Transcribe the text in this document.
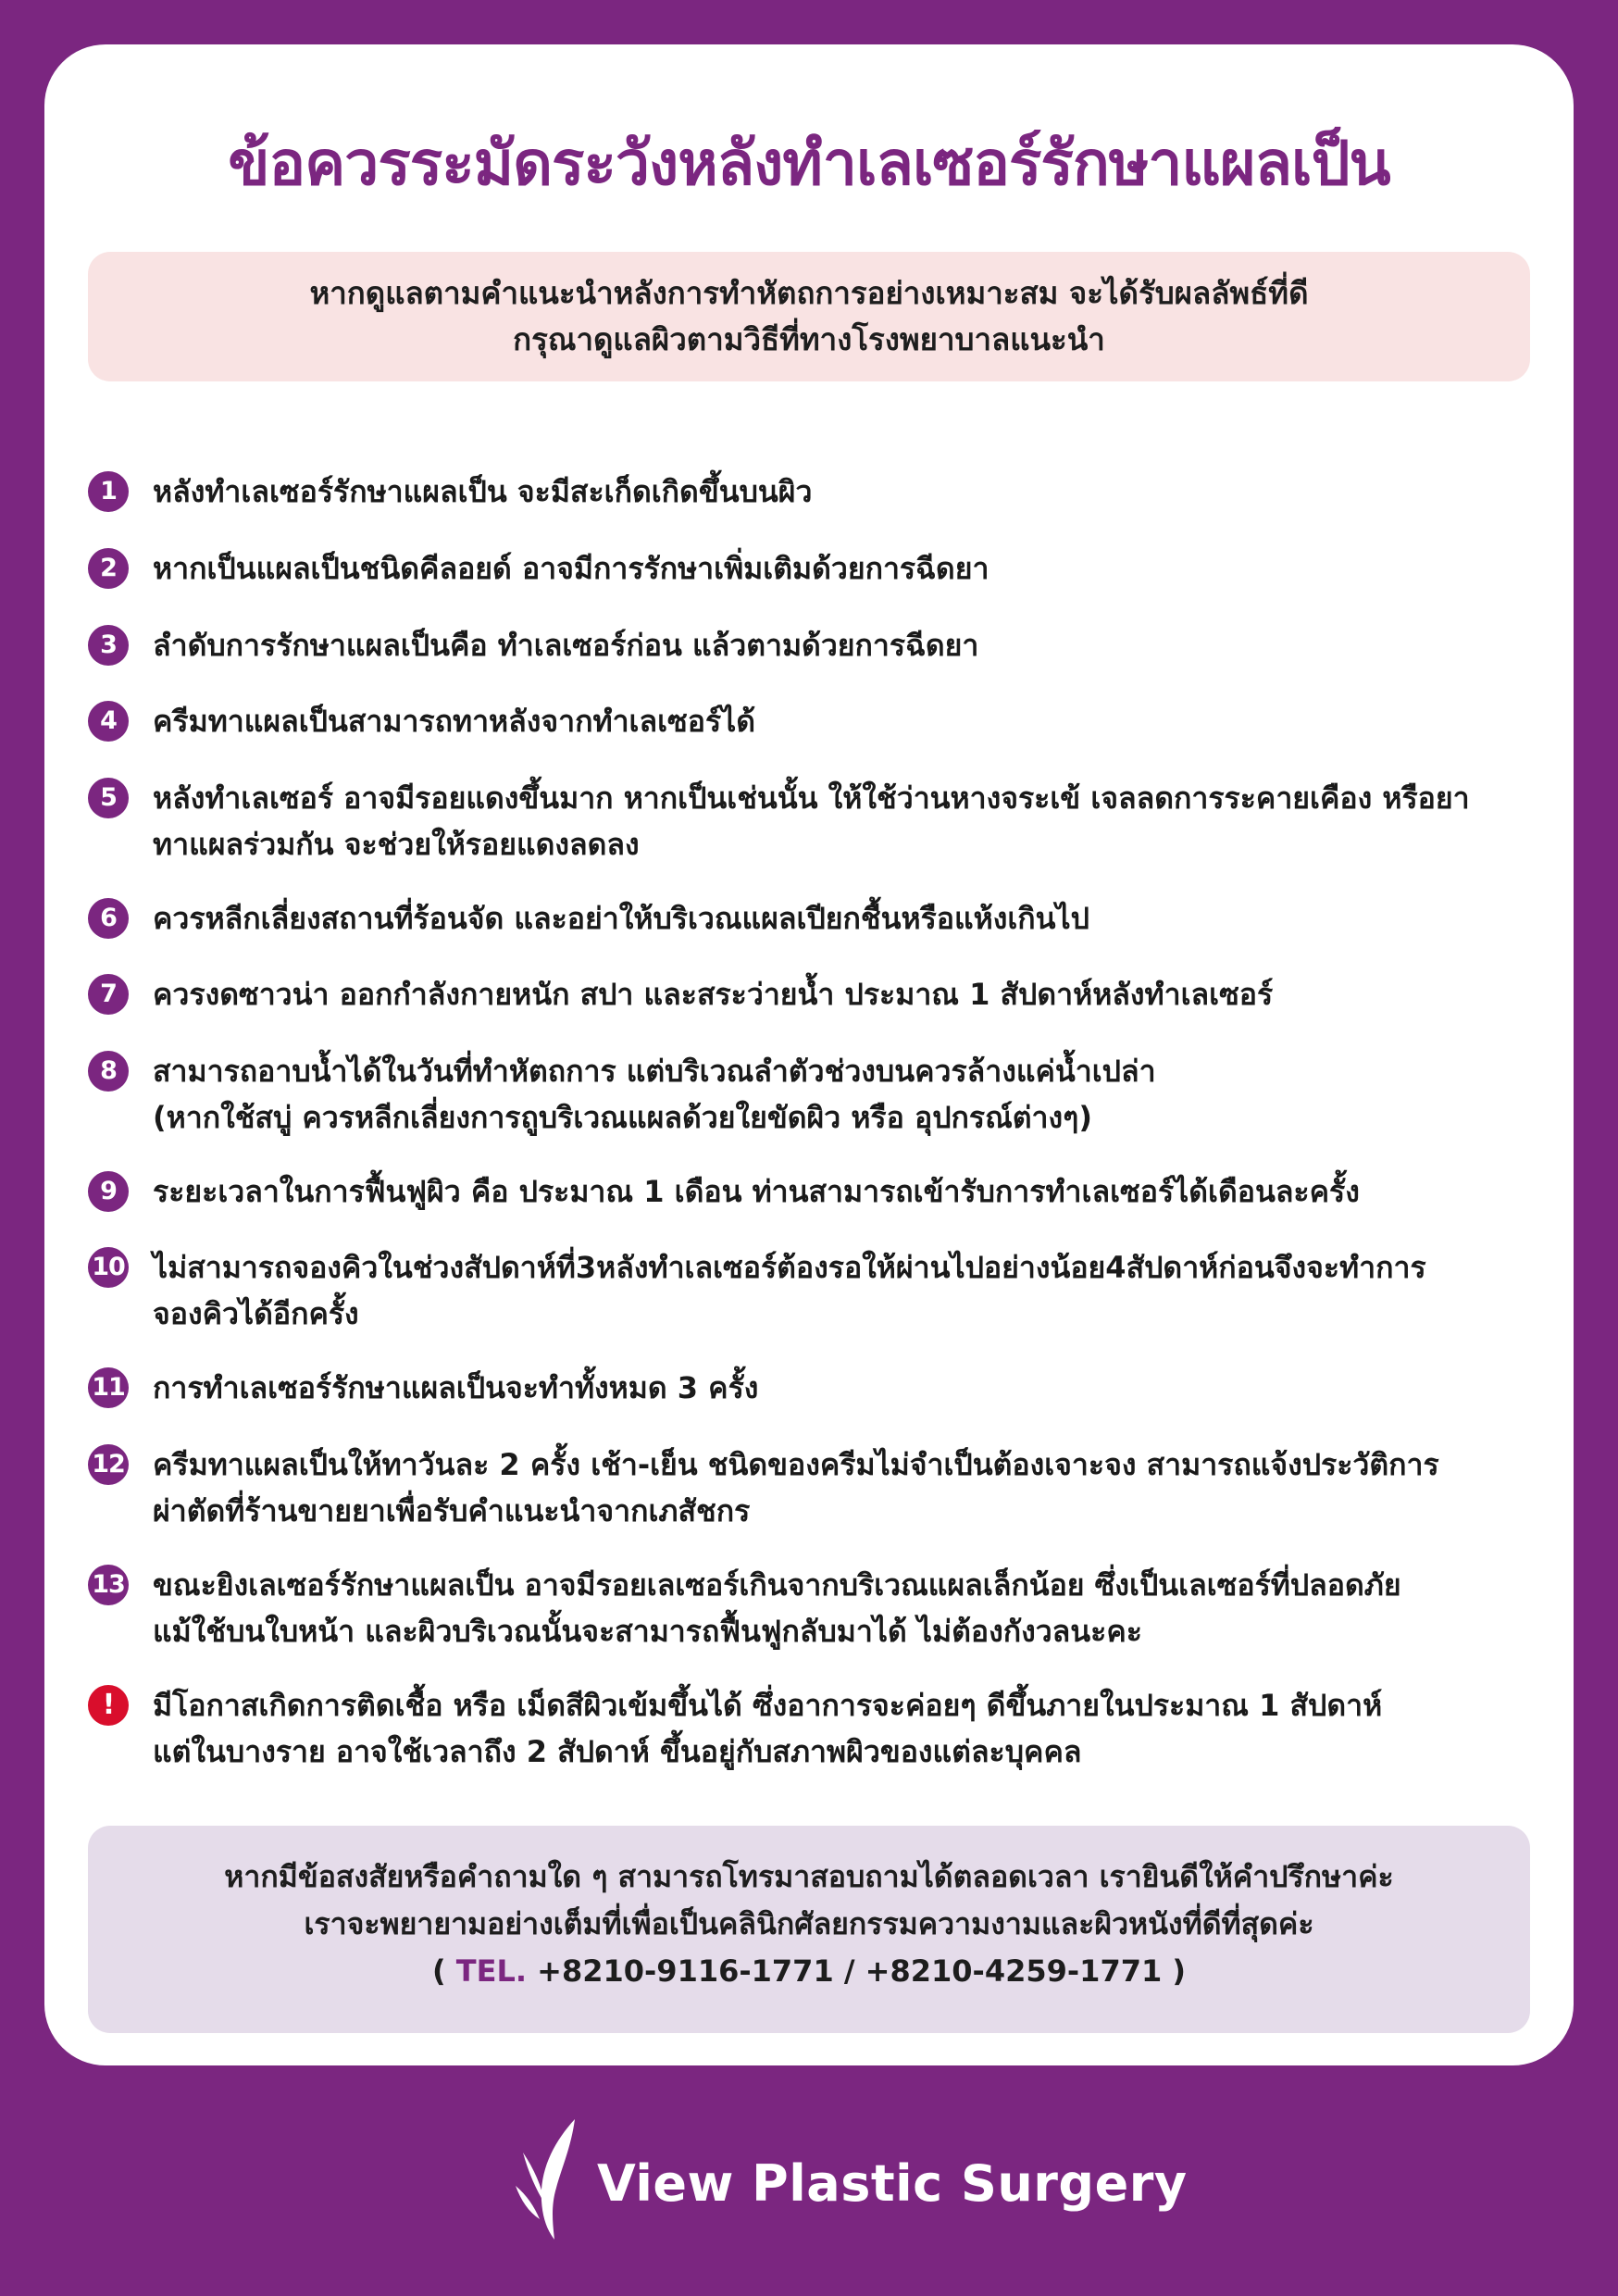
ข้อควรระมัดระวังหลังทำเลเซอร์รักษาแผลเป็น

หากดูแลตามคำแนะนำหลังการทำหัตถการอย่างเหมาะสม จะได้รับผลลัพธ์ที่ดี

กรุณาดูแลผิวตามวิธีที่ทางโรงพยาบาลแนะนำ

1	หลังทำเลเซอร์รักษาแผลเป็น จะมีสะเก็ดเกิดขึ้นบนผิว

2	หากเป็นแผลเป็นชนิดคีลอยด์ อาจมีการรักษาเพิ่มเติมด้วยการฉีดยา

3	ลำดับการรักษาแผลเป็นคือ ทำเลเซอร์ก่อน แล้วตามด้วยการฉีดยา

4	ครีมทาแผลเป็นสามารถทาหลังจากทำเลเซอร์ได้

5	หลังทำเลเซอร์ อาจมีรอยแดงขึ้นมาก หากเป็นเช่นนั้น ให้ใช้ว่านหางจระเข้ เจลลดการระคายเคือง หรือยา
ทาแผลร่วมกัน จะช่วยให้รอยแดงลดลง

6	ควรหลีกเลี่ยงสถานที่ร้อนจัด และอย่าให้บริเวณแผลเปียกชื้นหรือแห้งเกินไป

7	ควรงดซาวน่า ออกกำลังกายหนัก สปา และสระว่ายน้ำ ประมาณ 1 สัปดาห์หลังทำเลเซอร์

8	สามารถอาบน้ำได้ในวันที่ทำหัตถการ แต่บริเวณลำตัวช่วงบนควรล้างแค่น้ำเปล่า
(หากใช้สบู่ ควรหลีกเลี่ยงการถูบริเวณแผลด้วยใยขัดผิว หรือ อุปกรณ์ต่างๆ)

9	ระยะเวลาในการฟื้นฟูผิว คือ ประมาณ 1 เดือน ท่านสามารถเข้ารับการทำเลเซอร์ได้เดือนละครั้ง

10 ไม่สามารถจองคิวในช่วงสัปดาห์ที่3หลังทำเลเซอร์ต้องรอให้ผ่านไปอย่างน้อย4สัปดาห์ก่อนจึงจะทำการ
จองคิวได้อีกครั้ง

11 การทำเลเซอร์รักษาแผลเป็นจะทำทั้งหมด 3 ครั้ง

12 ครีมทาแผลเป็นให้ทาวันละ 2 ครั้ง เช้า-เย็น ชนิดของครีมไม่จำเป็นต้องเจาะจง สามารถแจ้งประวัติการ
ผ่าตัดที่ร้านขายยาเพื่อรับคำแนะนำจากเภสัชกร

13 ขณะยิงเลเซอร์รักษาแผลเป็น อาจมีรอยเลเซอร์เกินจากบริเวณแผลเล็กน้อย ซึ่งเป็นเลเซอร์ที่ปลอดภัย
แม้ใช้บนใบหน้า และผิวบริเวณนั้นจะสามารถฟื้นฟูกลับมาได้ ไม่ต้องกังวลนะคะ

!	มีโอกาสเกิดการติดเชื้อ หรือ เม็ดสีผิวเข้มขึ้นได้ ซึ่งอาการจะค่อยๆ ดีขึ้นภายในประมาณ 1 สัปดาห์
แต่ในบางราย อาจใช้เวลาถึง 2 สัปดาห์ ขึ้นอยู่กับสภาพผิวของแต่ละบุคคล

หากมีข้อสงสัยหรือคำถามใด ๆ สามารถโทรมาสอบถามได้ตลอดเวลา เรายินดีให้คำปรึกษาค่ะ

เราจะพยายามอย่างเต็มที่เพื่อเป็นคลินิกศัลยกรรมความงามและผิวหนังที่ดีที่สุดค่ะ

( TEL. +8210-9116-1771 / +8210-4259-1771 )

View Plastic Surgery
